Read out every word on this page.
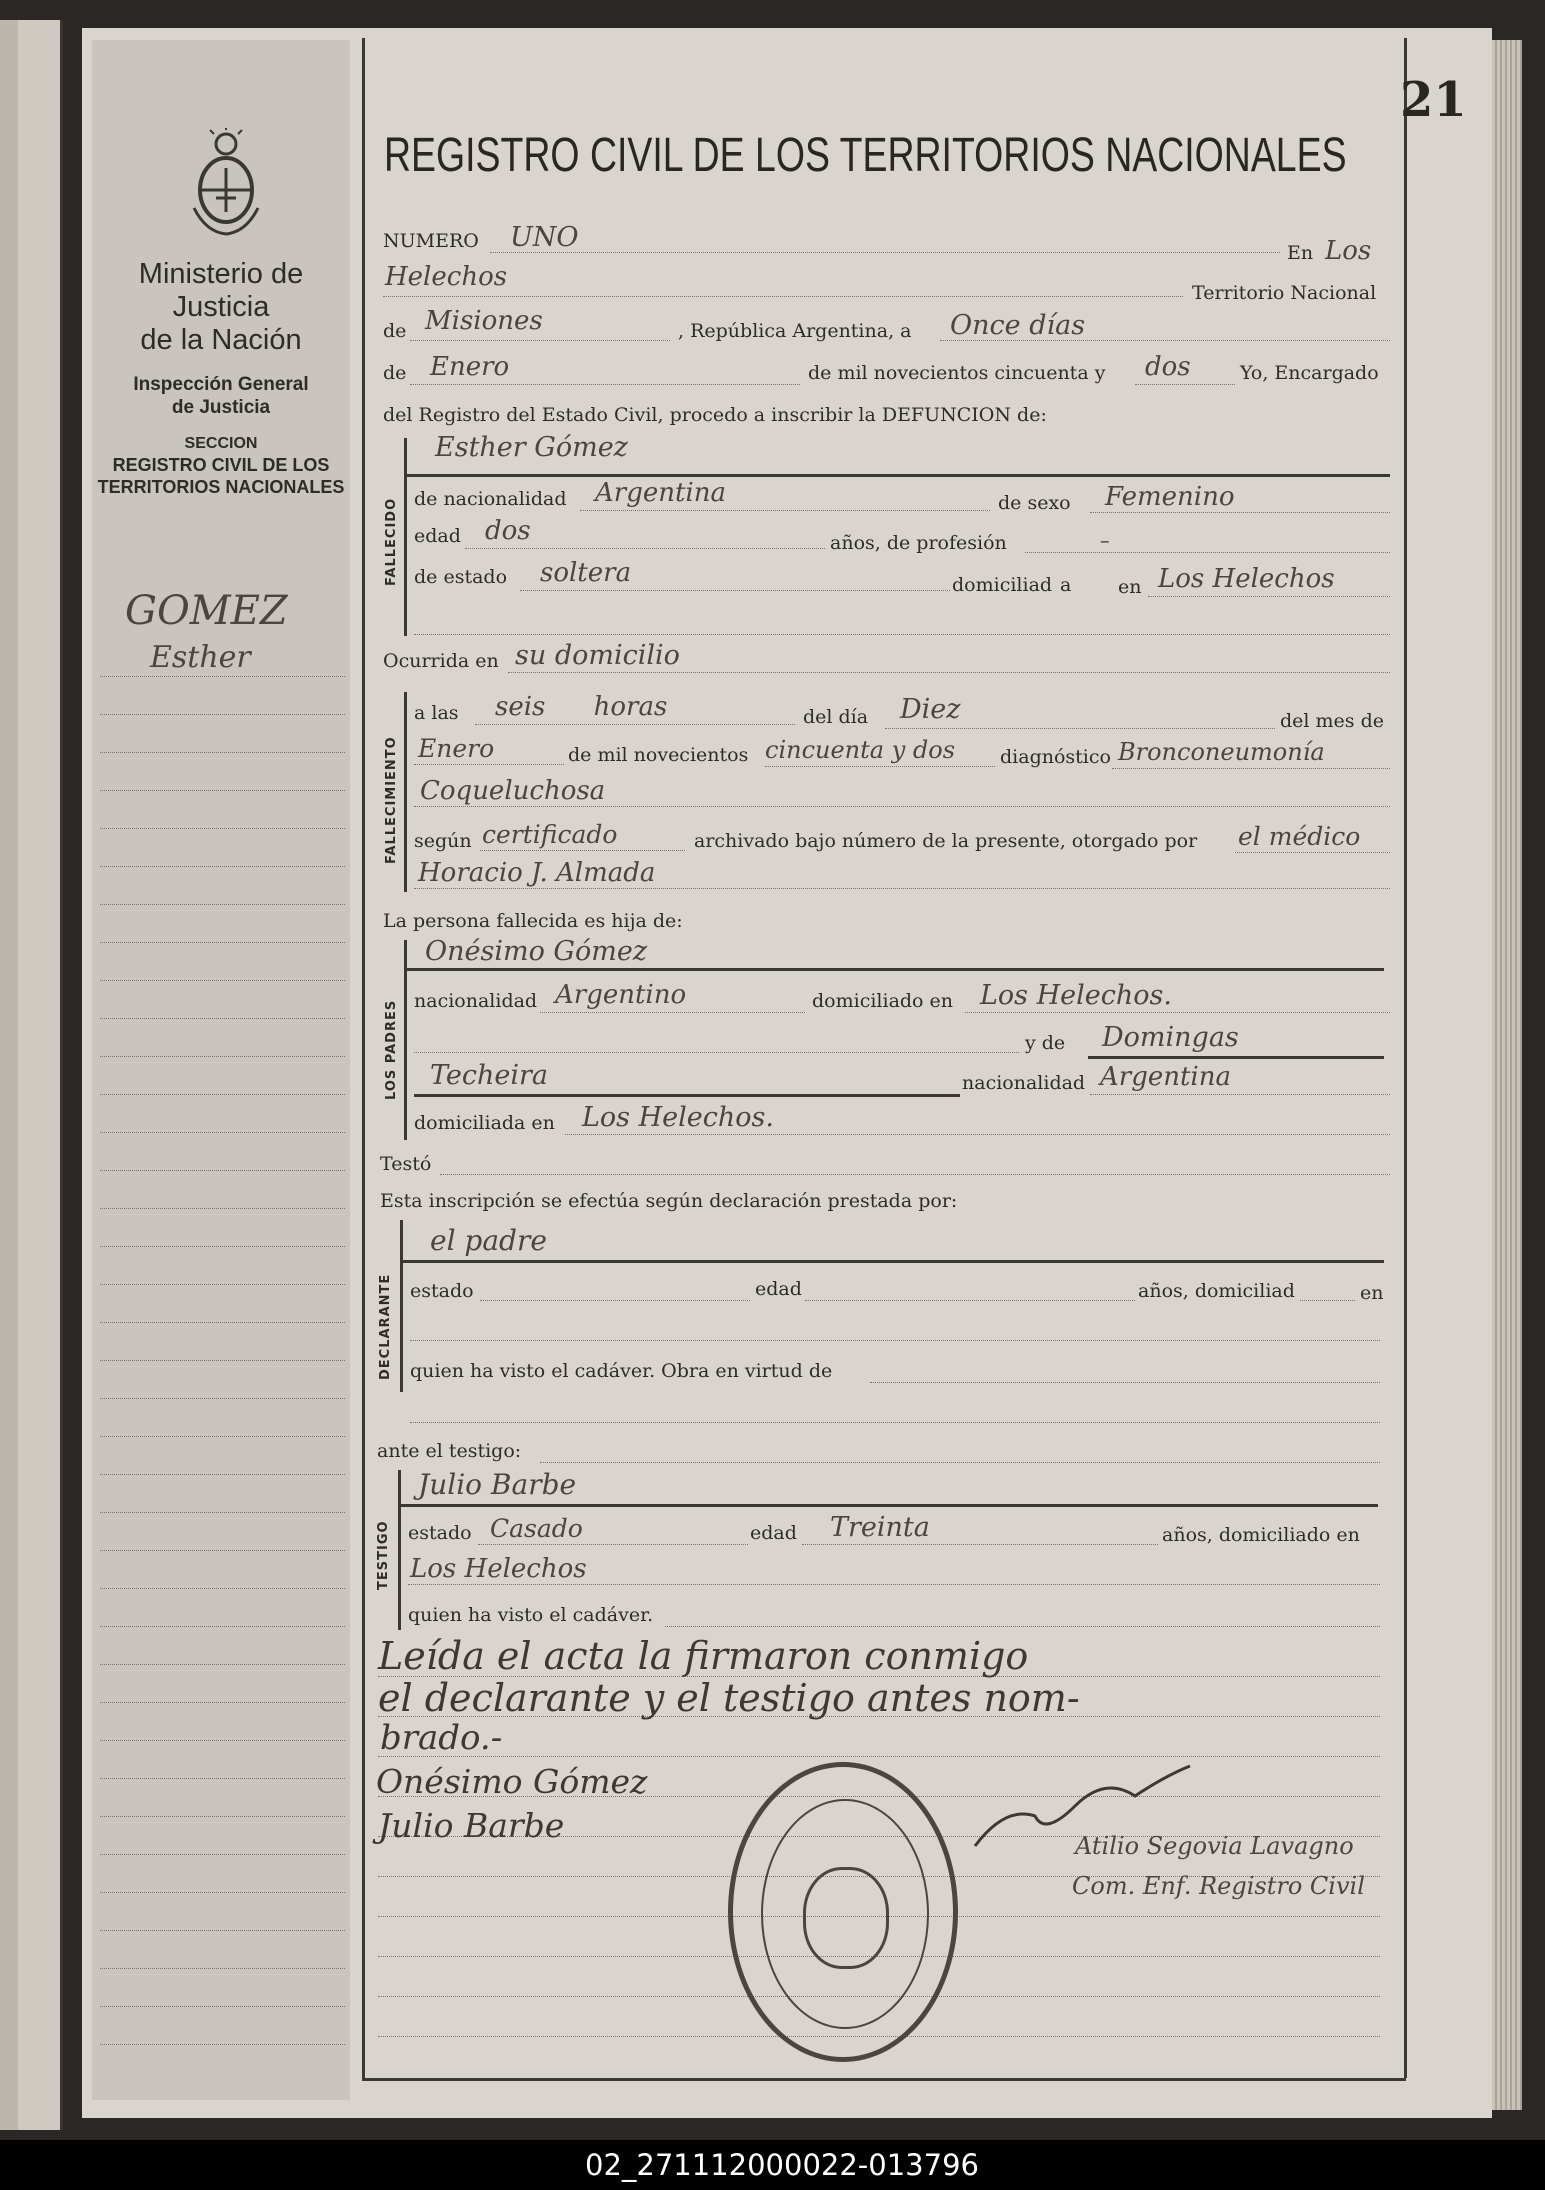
Ministerio de Justicia
de la Nación
Inspección General
de Justicia
SECCION
REGISTRO CIVIL DE LOS
TERRITORIOS NACIONALES
GOMEZ
Esther
21
REGISTRO CIVIL DE LOS TERRITORIOS NACIONALES
NUMERO UNO	En Los
Helechos
Territorio Nacional
de Misiones	, República Argentina, a Once días
de Enero	de mil novecientos cincuenta y dos	Yo, Encargado
del Registro del Estado Civil, procedo a inscribir la DEFUNCION de:
FALLECIDO
Esther Gómez
de nacionalidad Argentina	de sexo Femenino
edad dos	años, de profesión	–
de estado soltera	domiciliad a en Los Helechos
Ocurrida en su domicilio
FALLECIMIENTO
a las seis horas	del día Diez	del mes de
Enero	de mil novecientos cincuenta y dos diagnóstico Bronconeumonía
Coqueluchosa
según certificado	archivado bajo número de la presente, otorgado por el médico
Horacio J. Almada
La persona fallecida es hija de:
LOS PADRES
Onésimo Gómez
nacionalidad Argentino	domiciliado en Los Helechos.
y de Domingas
Techeira	nacionalidad Argentina
domiciliada en Los Helechos.
Testó
Esta inscripción se efectúa según declaración prestada por:
DECLARANTE
el padre
estado	edad	años, domiciliad	en
quien ha visto el cadáver. Obra en virtud de
ante el testigo:
TESTIGO
Julio Barbe
estado Casado	edad Treinta	años, domiciliado en
Los Helechos
quien ha visto el cadáver.
Leída el acta la firmaron conmigo
el declarante y el testigo antes nom-
brado.-
Onésimo Gómez
Julio Barbe
Atilio Segovia Lavagno
Com. Enf. Registro Civil
02_271112000022-013796
